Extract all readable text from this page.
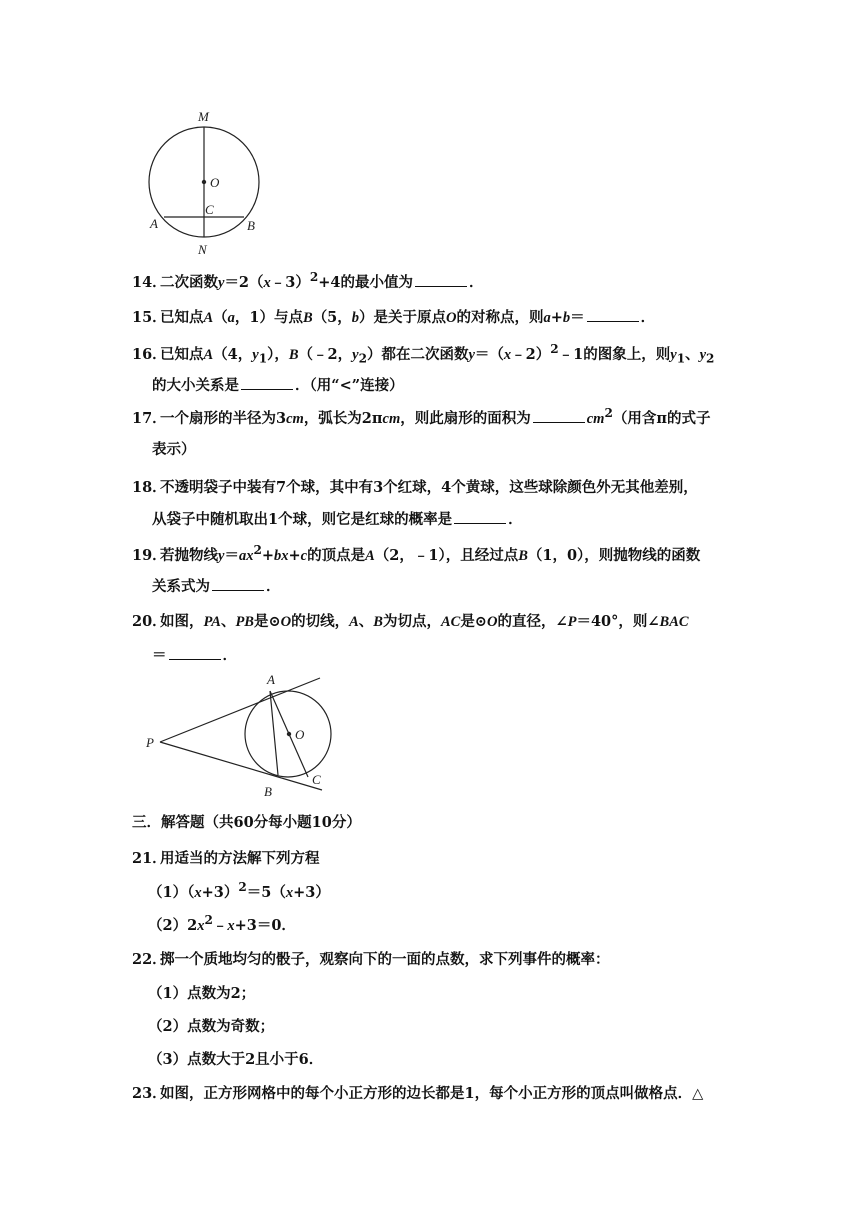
M
O
C
A	B
N
14．二次函数y＝2（x﹣3）$^2$+4的最小值为	．
15．已知点A（a，1）与点B（5，b）是关于原点O的对称点，则a+b＝	．
16．已知点A（4，$y_1$），B（﹣2，$y_2$）都在二次函数y＝（x﹣2）$^2$﹣1的图象上，则$y_1$、$y_2$
的大小关系是	．（用“<”连接）
17．一个扇形的半径为3cm，弧长为2πcm，则此扇形的面积为	$cm^2$（用含π的式子
表示）
18．不透明袋子中装有7个球，其中有3个红球，4个黄球，这些球除颜色外无其他差别，
从袋子中随机取出1个球，则它是红球的概率是	．
19．若抛物线$y=ax^2+bx+c$的顶点是A（2，﹣1），且经过点B（1，0），则抛物线的函数
关系式为	．
20．如图，PA、PB是⊙O的切线，A、B为切点，AC是⊙O的直径，∠P＝40°，则∠BAC
＝	．
A
P
O
B
C
三．解答题（共60分每小题10分）
21．用适当的方法解下列方程
$(1)(x+3)^2=5(x+3)$
$(2)2x^2﹣x+3=0$．
22．掷一个质地均匀的骰子，观察向下的一面的点数，求下列事件的概率：
（1）点数为2；
（2）点数为奇数；
（3）点数大于2且小于6．
23．如图，正方形网格中的每个小正方形的边长都是1，每个小正方形的顶点叫做格点．△
